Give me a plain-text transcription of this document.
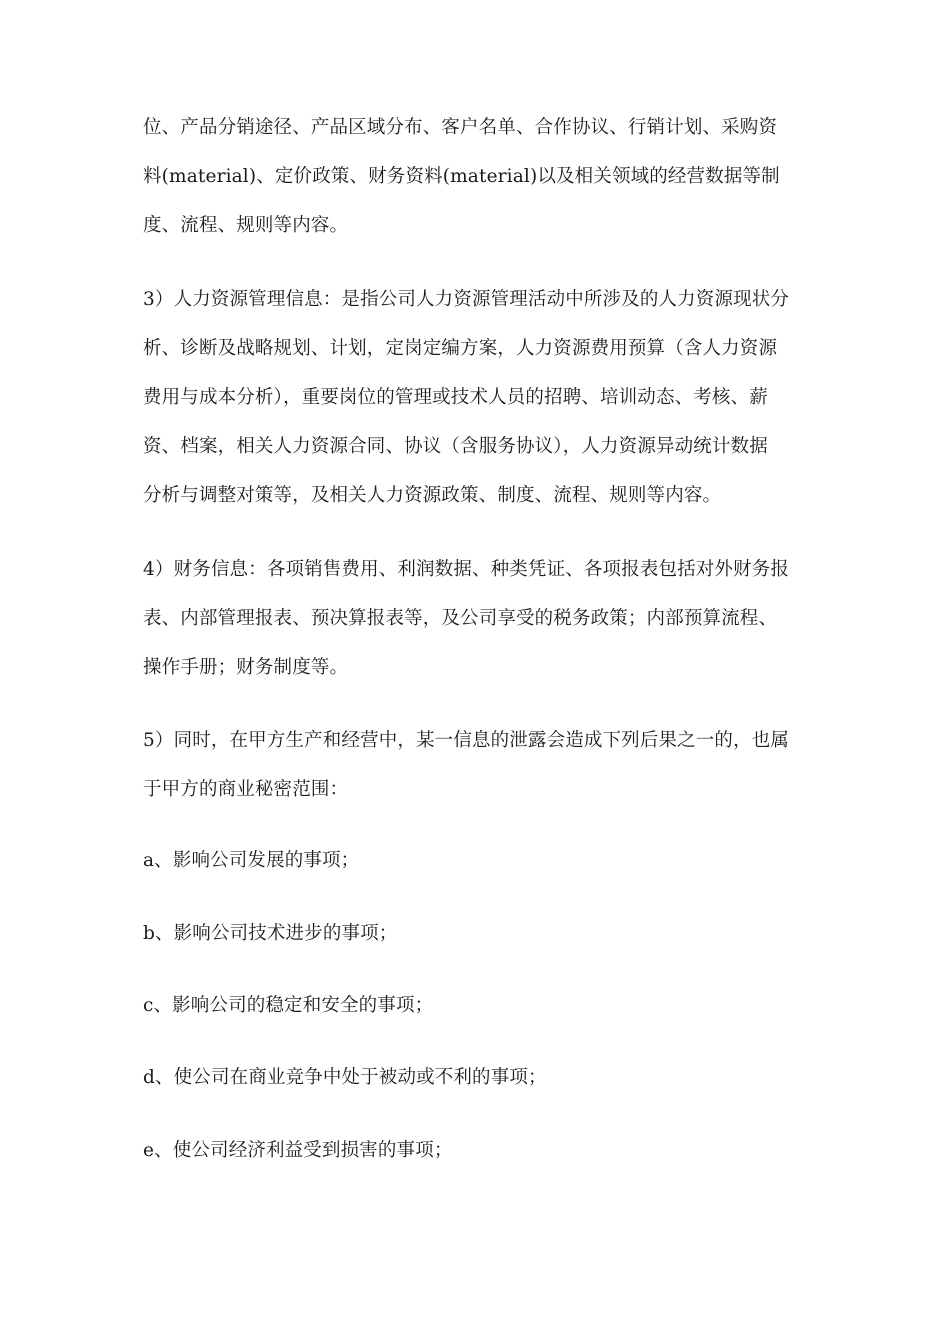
位、产品分销途径、产品区域分布、客户名单、合作协议、行销计划、采购资
料(material)、定价政策、财务资料(material)以及相关领域的经营数据等制
度、流程、规则等内容。
3）人力资源管理信息：是指公司人力资源管理活动中所涉及的人力资源现状分
析、诊断及战略规划、计划，定岗定编方案，人力资源费用预算（含人力资源
费用与成本分析），重要岗位的管理或技术人员的招聘、培训动态、考核、薪
资、档案，相关人力资源合同、协议（含服务协议），人力资源异动统计数据
分析与调整对策等，及相关人力资源政策、制度、流程、规则等内容。
4）财务信息：各项销售费用、利润数据、种类凭证、各项报表包括对外财务报
表、内部管理报表、预决算报表等，及公司享受的税务政策；内部预算流程、
操作手册；财务制度等。
5）同时，在甲方生产和经营中，某一信息的泄露会造成下列后果之一的，也属
于甲方的商业秘密范围：
a、影响公司发展的事项；
b、影响公司技术进步的事项；
c、影响公司的稳定和安全的事项；
d、使公司在商业竞争中处于被动或不利的事项；
e、使公司经济利益受到损害的事项；
